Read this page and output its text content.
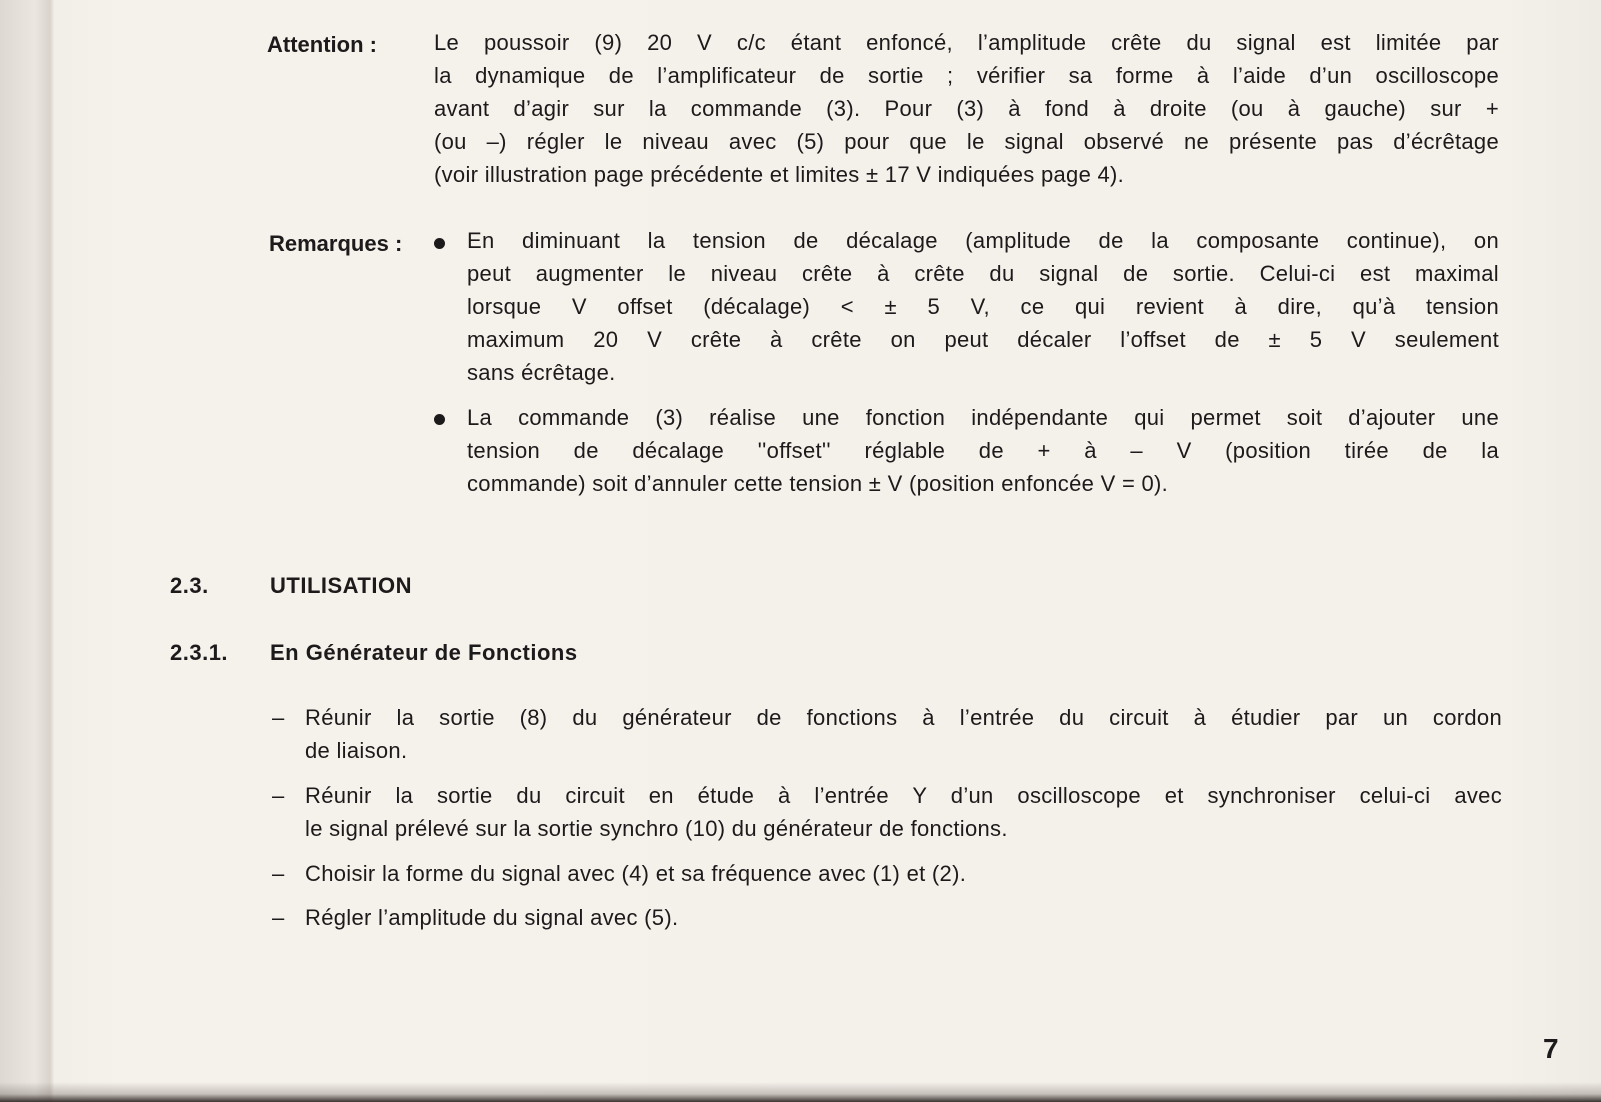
Attention :	Le poussoir (9) 20 V c/c étant enfoncé, l’amplitude crête du signal est limitée par
la dynamique de l’amplificateur de sortie ; vérifier sa forme à l’aide d’un oscilloscope
avant d’agir sur la commande (3). Pour (3) à fond à droite (ou à gauche) sur +
(ou –) régler le niveau avec (5) pour que le signal observé ne présente pas d’écrêtage
(voir illustration page précédente et limites ± 17 V indiquées page 4).
Remarques :	En diminuant la tension de décalage (amplitude de la composante continue), on
peut augmenter le niveau crête à crête du signal de sortie. Celui-ci est maximal
lorsque V offset (décalage) < ± 5 V, ce qui revient à dire, qu’à tension
maximum 20 V crête à crête on peut décaler l’offset de ± 5 V seulement
sans écrêtage.
La commande (3) réalise une fonction indépendante qui permet soit d’ajouter une
tension de décalage ''offset'' réglable de + à – V (position tirée de la
commande) soit d’annuler cette tension ± V (position enfoncée V = 0).
2.3.	UTILISATION
2.3.1. En Générateur de Fonctions
– Réunir la sortie (8) du générateur de fonctions à l’entrée du circuit à étudier par un cordon
de liaison.
– Réunir la sortie du circuit en étude à l’entrée Y d’un oscilloscope et synchroniser celui-ci avec
le signal prélevé sur la sortie synchro (10) du générateur de fonctions.
– Choisir la forme du signal avec (4) et sa fréquence avec (1) et (2).
– Régler l’amplitude du signal avec (5).
7
